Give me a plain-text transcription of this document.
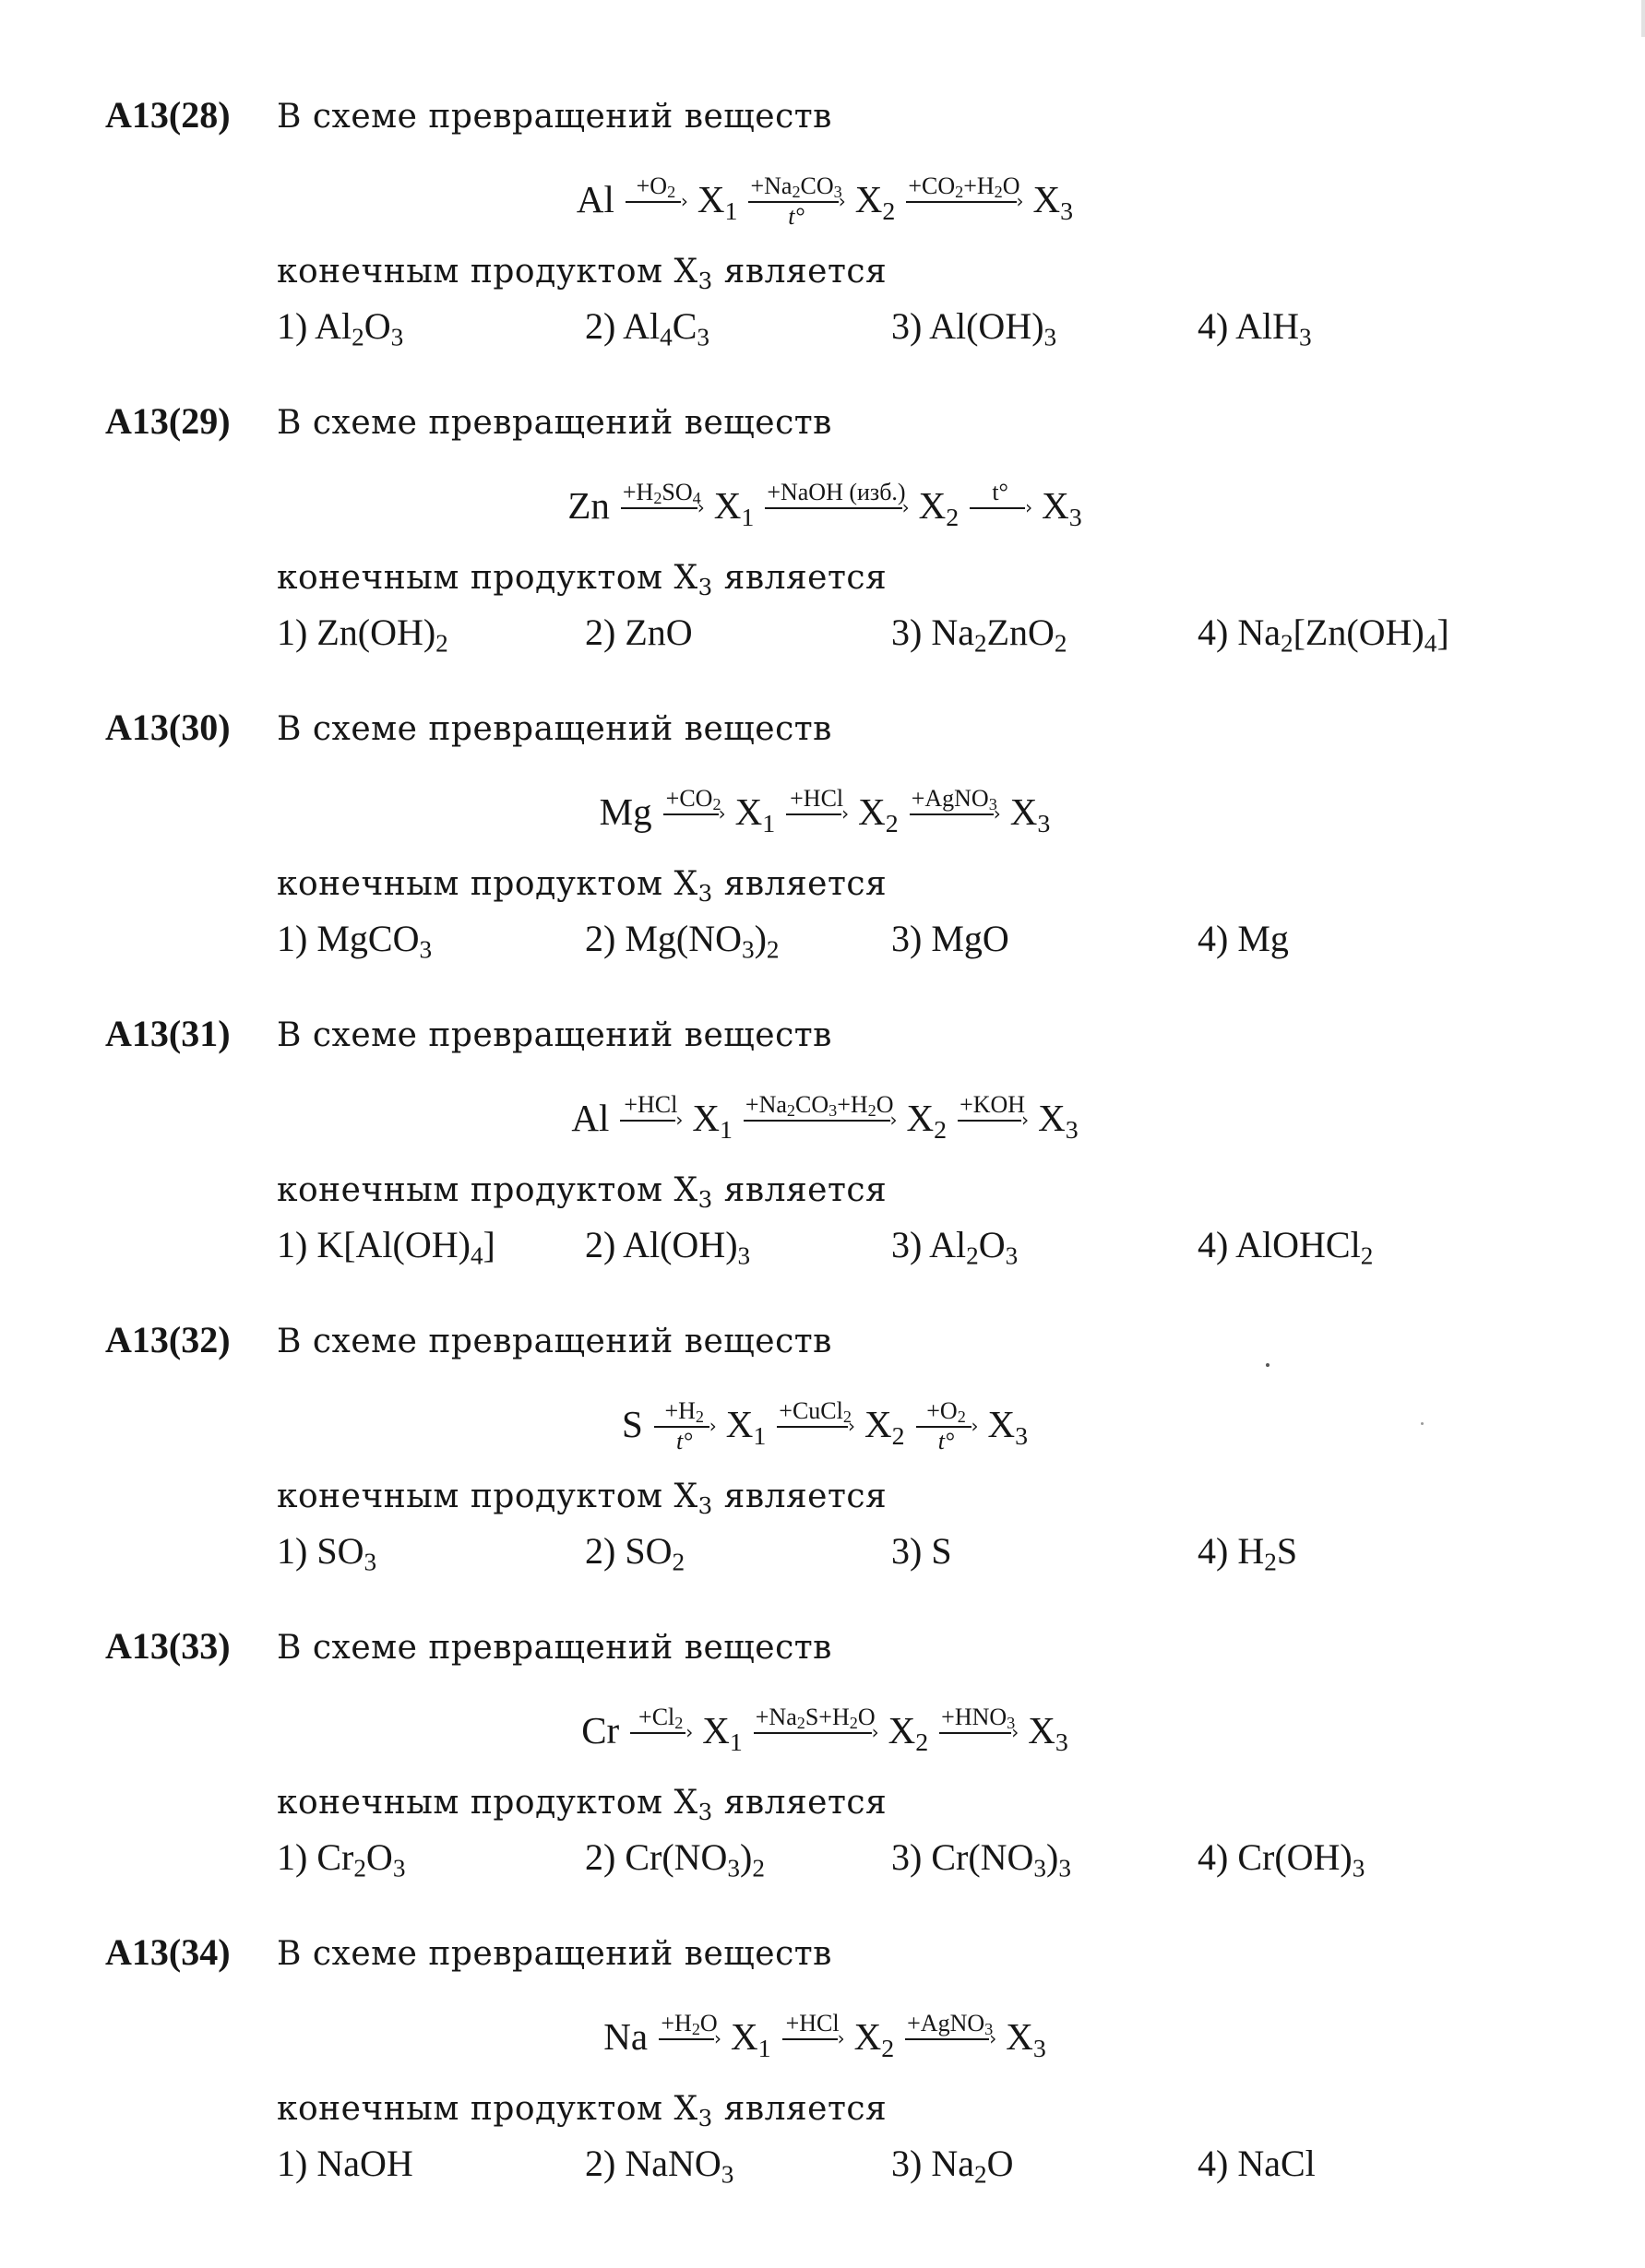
A13(28) В схеме превращений веществ
$Al +O_2$ › $X_1$
$+Na_2CO_3$
›
t° $X_2$
$+CO_2+H_2O$
› $X_3$
конечным продуктом $X_3$ является
1) $Al_2O_3$	2) $Al_4C_3$	3) $Al(OH)_3$	4) AlH$_3$
A13(29) В схеме превращений веществ
$Zn +H_2SO_4$
› $X_1$
+NaOH (изб.)
› $X_2$
t°
› $X_3$
конечным продуктом $X_3$ является
1) $Zn(OH)_2$	2) ZnO	3) $Na_2ZnO_2$	4) $Na_2[Zn(OH)_4]$
A13(30) В схеме превращений веществ
$Mg +CO_2$
› $X_1$
+HCl
› $X_2$
+AgNO$_3$
› $X_3$
конечным продуктом $X_3$ является
1) MgCO$_3$	2) $Mg(NO_3)_2$	3) MgO	4) Mg
A13(31) В схеме превращений веществ
Al +HCl
› $X_1$
$+Na_2CO_3+H_2O$
› $X_2$
+KOH
› $X_3$
конечным продуктом $X_3$ является
1) $K[Al(OH)_4]$ 2) $Al(OH)_3$	3) $Al_2O_3$	4) AlOHCl$_2$
A13(32) В схеме превращений веществ
$S +H_2$ ›
t° $X_1$
+CuCl$_2$
› $X_2$
$+O_2$ ›
t° $X_3$
конечным продуктом $X_3$ является
1) $SO_3$	2) $SO_2$	3) S	4) $H_2S$
A13(33) В схеме превращений веществ
$Cr +Cl_2$ › $X_1$
$+Na_2S+H_2O$
› $X_2$
$+HNO_3$
› $X_3$
конечным продуктом $X_3$ является
1) $Cr_2O_3$	2) $Cr(NO_3)_2$	3) $Cr(NO_3)_3$	4) $Cr(OH)_3$
A13(34) В схеме превращений веществ
$Na +H_2O$
› $X_1$
+HCl
› $X_2$
+AgNO$_3$
› $X_3$
конечным продуктом $X_3$ является
1) NaOH	2) NaNO$_3$	3) $Na_2O$	4) NaCl
